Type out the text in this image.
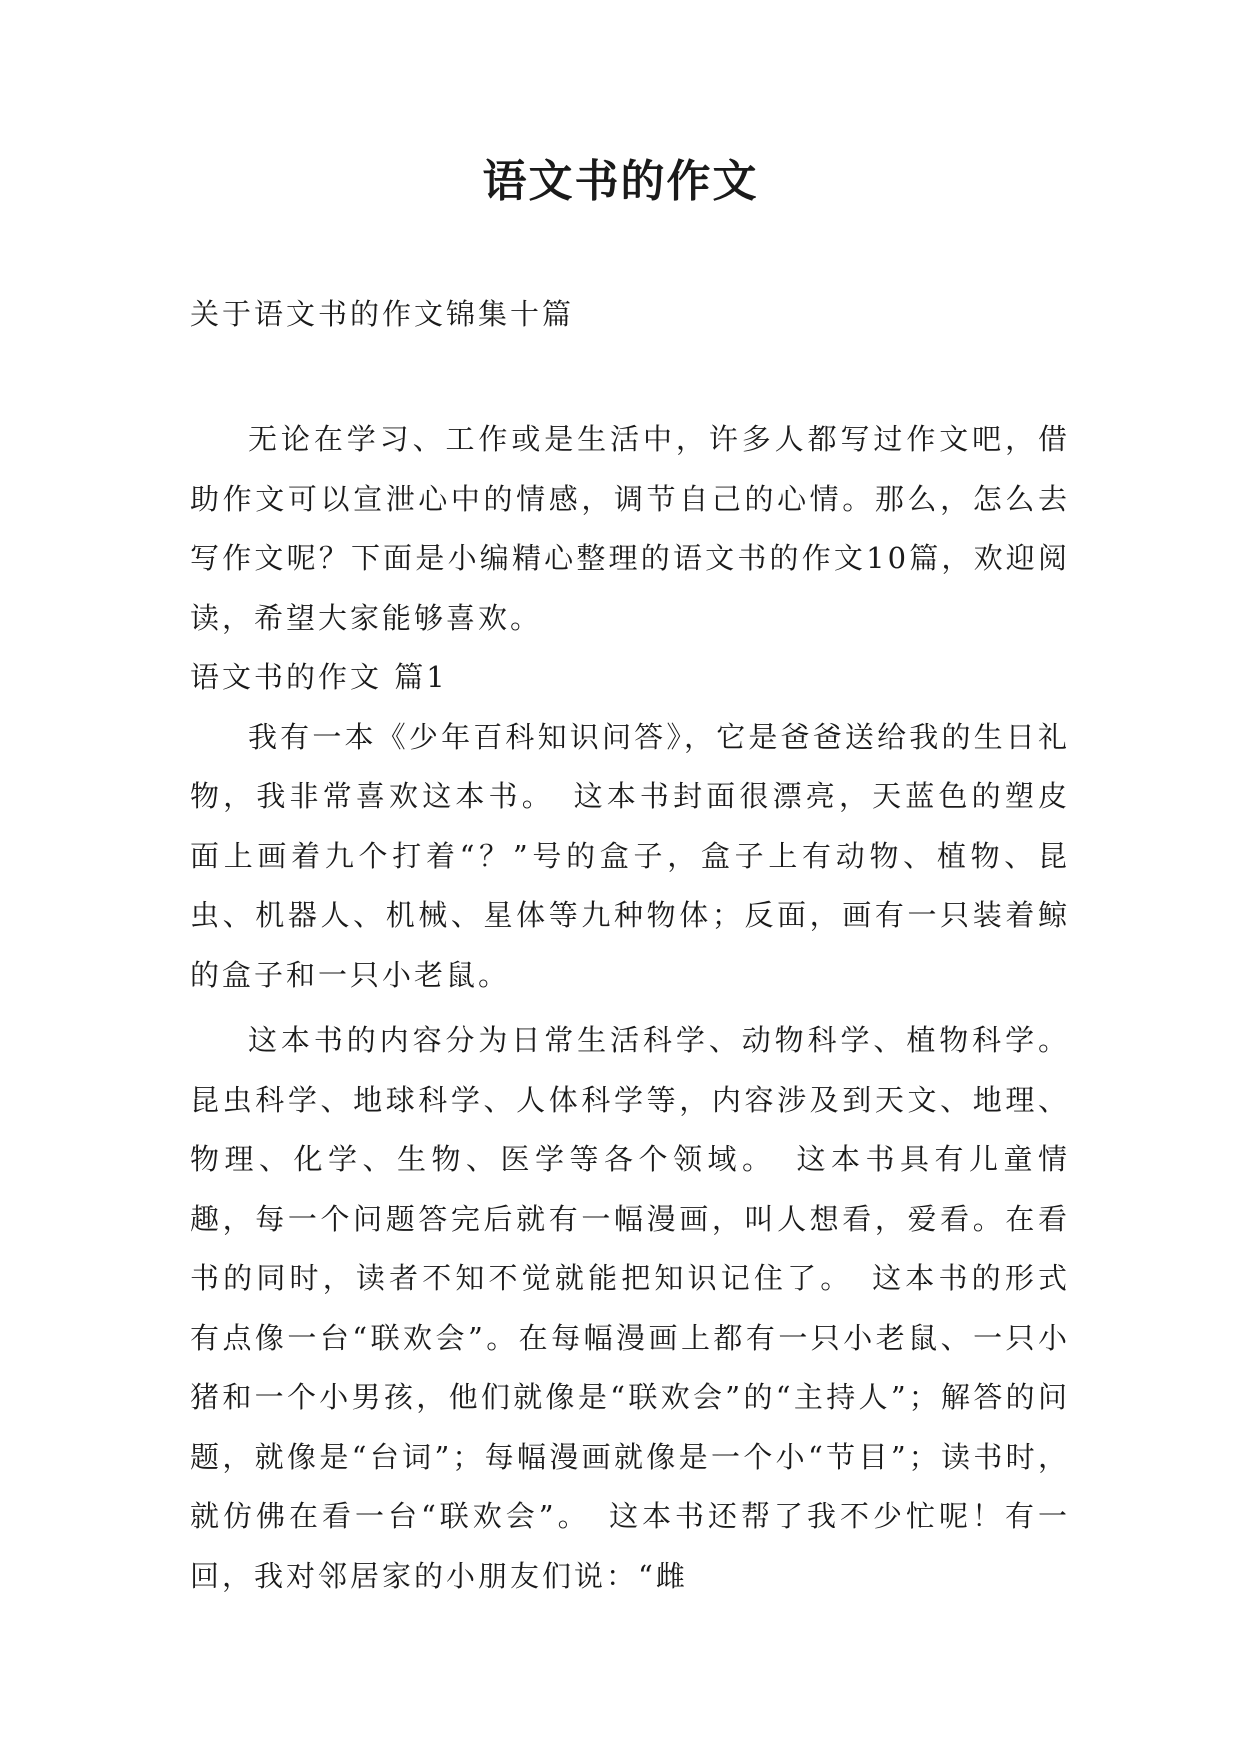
语文书的作文
关于语文书的作文锦集十篇

无论在学习、工作或是生活中，许多人都写过作文吧，借助作文可以宣泄心中的情感，调节自己的心情。那么，怎么去写作文呢？下面是小编精心整理的语文书的作文10篇，欢迎阅读，希望大家能够喜欢。

语文书的作文 篇1

我有一本《少年百科知识问答》，它是爸爸送给我的生日礼物，我非常喜欢这本书。　这本书封面很漂亮，天蓝色的塑皮面上画着九个打着“？”号的盒子，盒子上有动物、植物、昆虫、机器人、机械、星体等九种物体；反面，画有一只装着鲸的盒子和一只小老鼠。

这本书的内容分为日常生活科学、动物科学、植物科学。昆虫科学、地球科学、人体科学等，内容涉及到天文、地理、物理、化学、生物、医学等各个领域。　这本书具有儿童情趣，每一个问题答完后就有一幅漫画，叫人想看，爱看。在看书的同时，读者不知不觉就能把知识记住了。　这本书的形式有点像一台“联欢会”。在每幅漫画上都有一只小老鼠、一只小猪和一个小男孩，他们就像是“联欢会”的“主持人”；解答的问题，就像是“台词”；每幅漫画就像是一个小“节目”；读书时，就仿佛在看一台“联欢会”。　这本书还帮了我不少忙呢！有一回，我对邻居家的小朋友们说：“雌
